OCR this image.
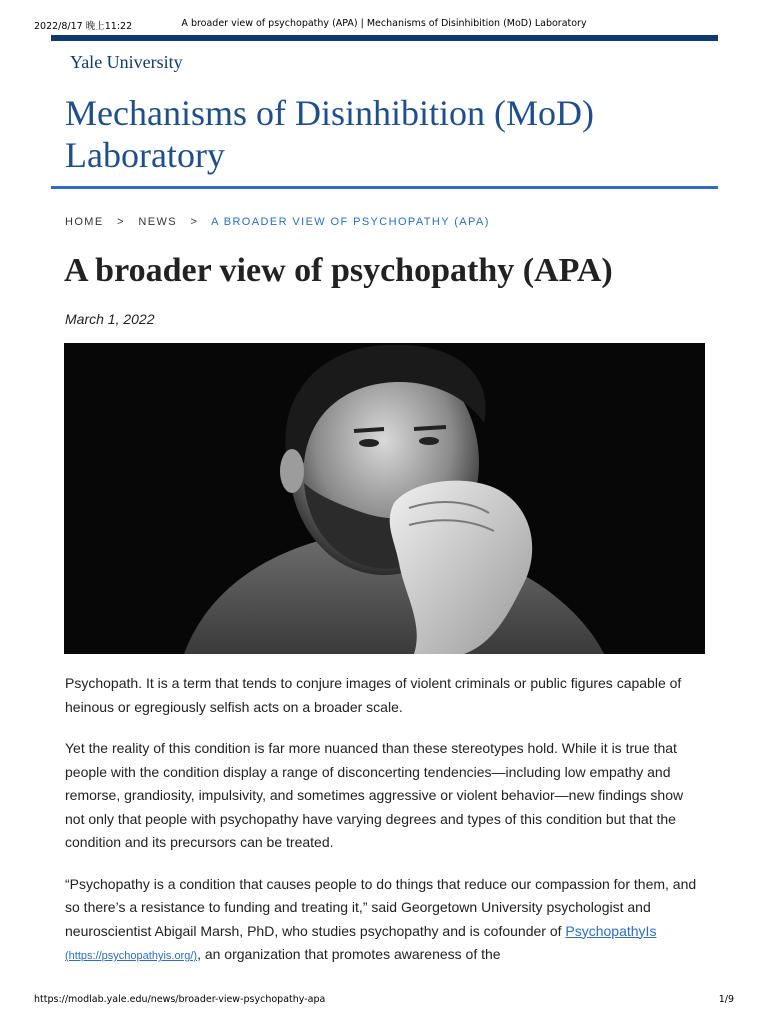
2022/8/17 晚上11:22	A broader view of psychopathy (APA) | Mechanisms of Disinhibition (MoD) Laboratory
Yale University
Mechanisms of Disinhibition (MoD) Laboratory
HOME > NEWS > A BROADER VIEW OF PSYCHOPATHY (APA)
A broader view of psychopathy (APA)
March 1, 2022

Psychopath. It is a term that tends to conjure images of violent criminals or public figures capable of heinous or egregiously selfish acts on a broader scale.

Yet the reality of this condition is far more nuanced than these stereotypes hold. While it is true that people with the condition display a range of disconcerting tendencies—including low empathy and remorse, grandiosity, impulsivity, and sometimes aggressive or violent behavior—new findings show not only that people with psychopathy have varying degrees and types of this condition but that the condition and its precursors can be treated.

“Psychopathy is a condition that causes people to do things that reduce our compassion for them, and so there’s a resistance to funding and treating it,” said Georgetown University psychologist and neuroscientist Abigail Marsh, PhD, who studies psychopathy and is cofounder of PsychopathyIs (https://psychopathyis.org/), an organization that promotes awareness of the

https://modlab.yale.edu/news/broader-view-psychopathy-apa	1/9
